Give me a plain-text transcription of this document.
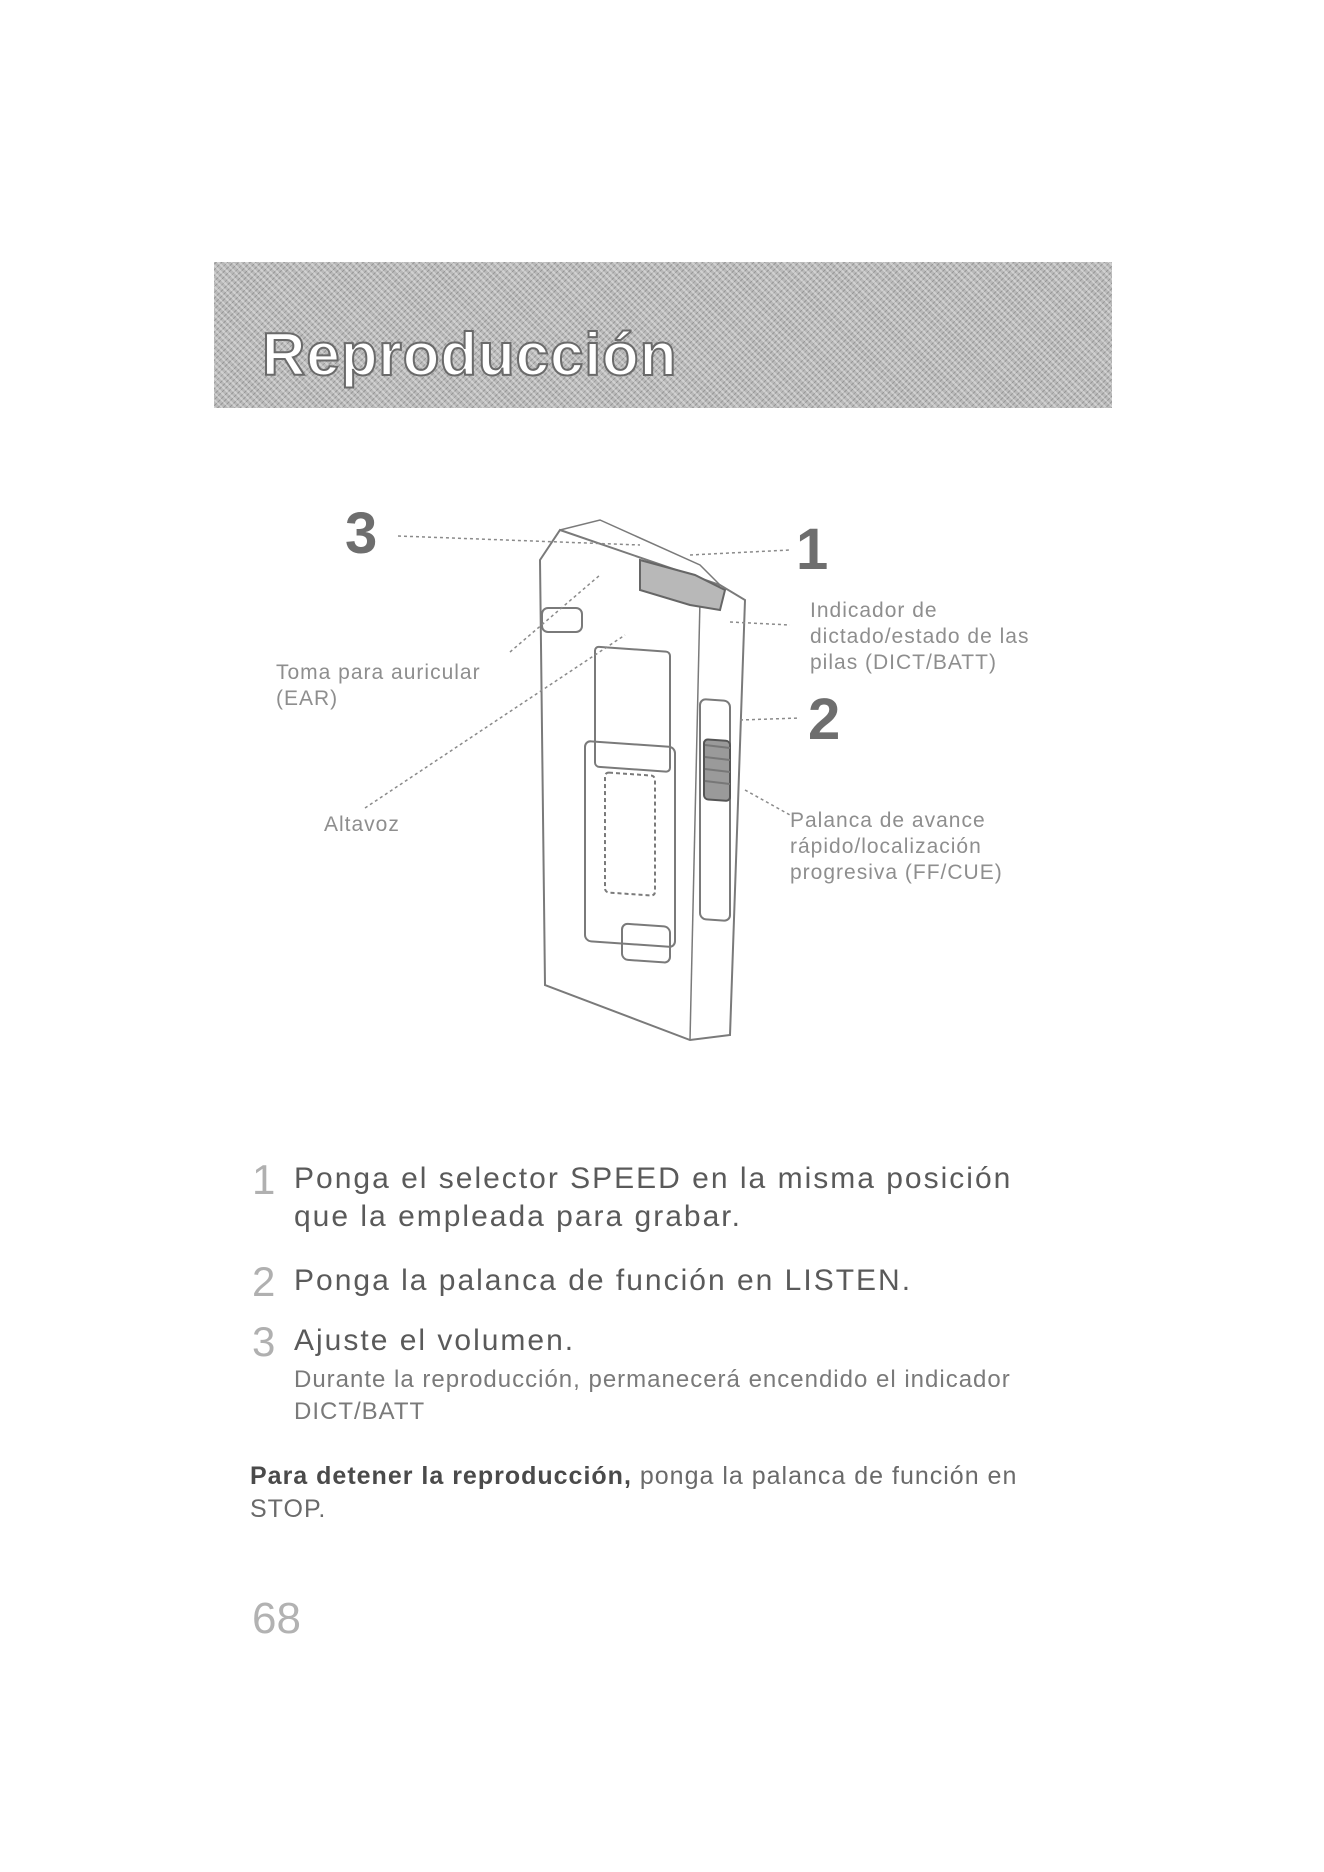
Reproducción
3	1
2
Toma para auricular (EAR)
Altavoz
Indicador de dictado/estado de las pilas (DICT/BATT)
Palanca de avance rápido/localización progresiva (FF/CUE)
1 Ponga el selector SPEED en la misma posición que la empleada para grabar.
2 Ponga la palanca de función en LISTEN.
3 Ajuste el volumen.
Durante la reproducción, permanecerá encendido el indicador DICT/BATT
Para detener la reproducción, ponga la palanca de función en STOP.
68
